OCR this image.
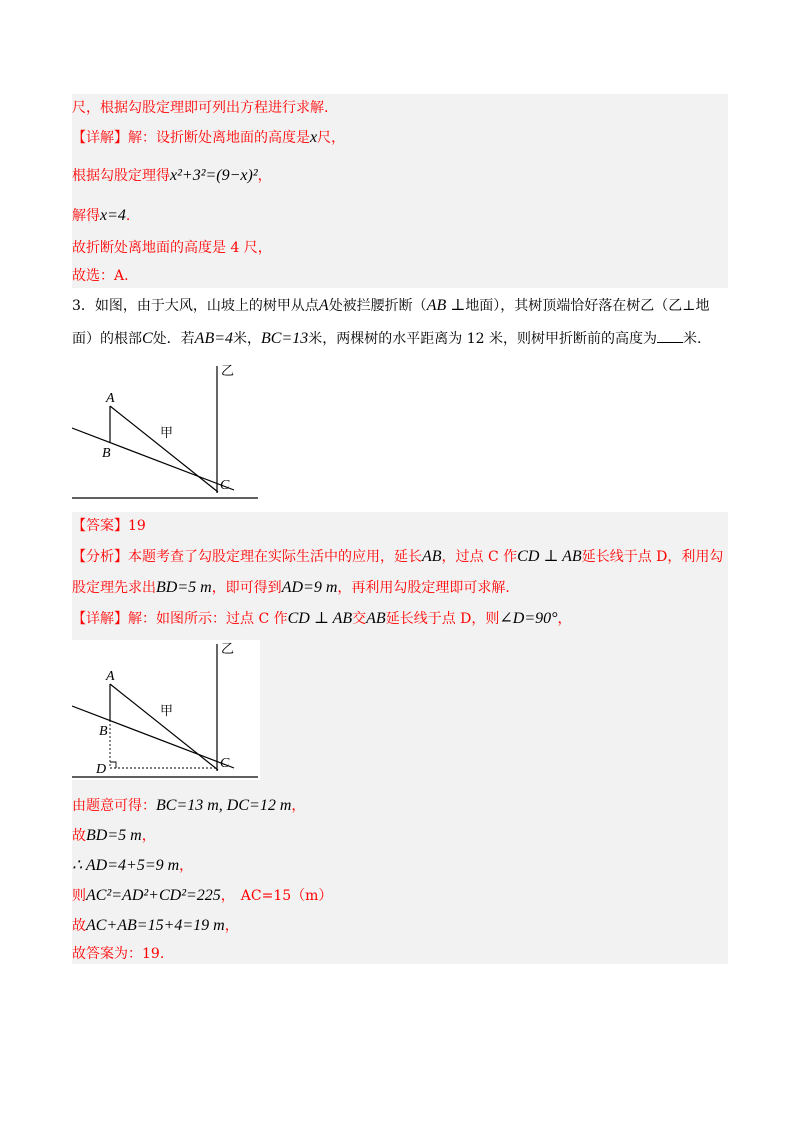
尺，根据勾股定理即可列出方程进行求解.
【详解】解：设折断处离地面的高度是x尺，
根据勾股定理得x²+3²=(9−x)²，
解得x=4.
故折断处离地面的高度是 4 尺，
故选：A.
3．如图，由于大风，山坡上的树甲从点A处被拦腰折断（AB ⊥地面），其树顶端恰好落在树乙（乙⊥地
面）的根部C处．若AB=4米，BC=13米，两棵树的水平距离为 12 米，则树甲折断前的高度为 米.
A
B
C
甲
乙
【答案】19
【分析】本题考查了勾股定理在实际生活中的应用，延长AB，过点 C 作CD ⊥ AB延长线于点 D，利用勾
股定理先求出BD=5 m，即可得到AD=9 m，再利用勾股定理即可求解.
【详解】解：如图所示：过点 C 作CD ⊥ AB交AB延长线于点 D，则∠D=90°，
A
B
C
D
甲
乙
由题意可得：BC=13 m, DC=12 m，
故BD=5 m，
∴ AD=4+5=9 m，
则AC²=AD²+CD²=225， AC=15（m）
故AC+AB=15+4=19 m，
故答案为：19.
